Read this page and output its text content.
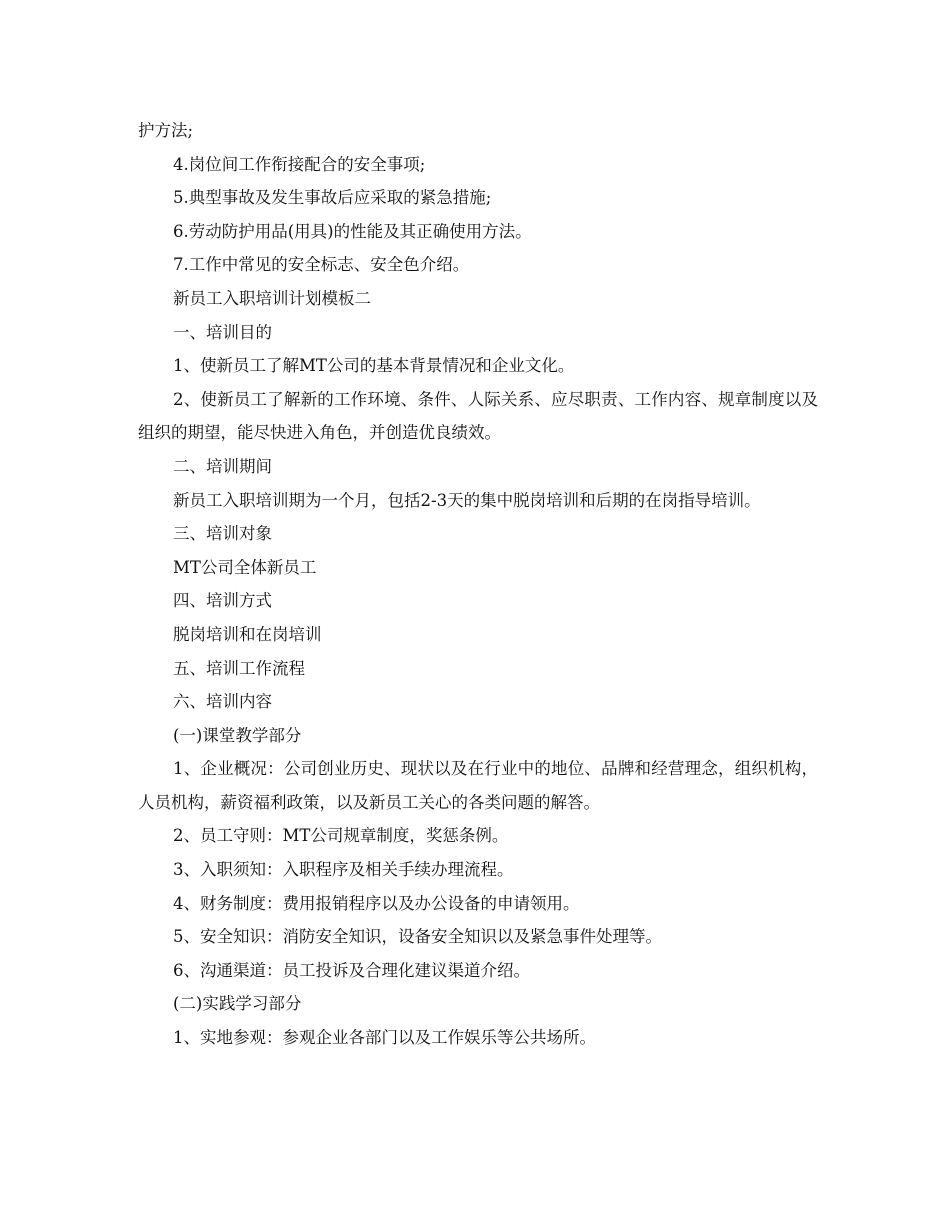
护方法;

4.岗位间工作衔接配合的安全事项;

5.典型事故及发生事故后应采取的紧急措施;

6.劳动防护用品(用具)的性能及其正确使用方法。

7.工作中常见的安全标志、安全色介绍。

新员工入职培训计划模板二

一、培训目的

1、使新员工了解MT公司的基本背景情况和企业文化。

2、使新员工了解新的工作环境、条件、人际关系、应尽职责、工作内容、规章制度以及组织的期望，能尽快进入角色，并创造优良绩效。

二、培训期间

新员工入职培训期为一个月，包括2-3天的集中脱岗培训和后期的在岗指导培训。

三、培训对象

MT公司全体新员工

四、培训方式

脱岗培训和在岗培训

五、培训工作流程

六、培训内容

(一)课堂教学部分

1、企业概况：公司创业历史、现状以及在行业中的地位、品牌和经营理念，组织机构，人员机构，薪资福利政策，以及新员工关心的各类问题的解答。

2、员工守则：MT公司规章制度，奖惩条例。

3、入职须知：入职程序及相关手续办理流程。

4、财务制度：费用报销程序以及办公设备的申请领用。

5、安全知识：消防安全知识，设备安全知识以及紧急事件处理等。

6、沟通渠道：员工投诉及合理化建议渠道介绍。

(二)实践学习部分

1、实地参观：参观企业各部门以及工作娱乐等公共场所。
